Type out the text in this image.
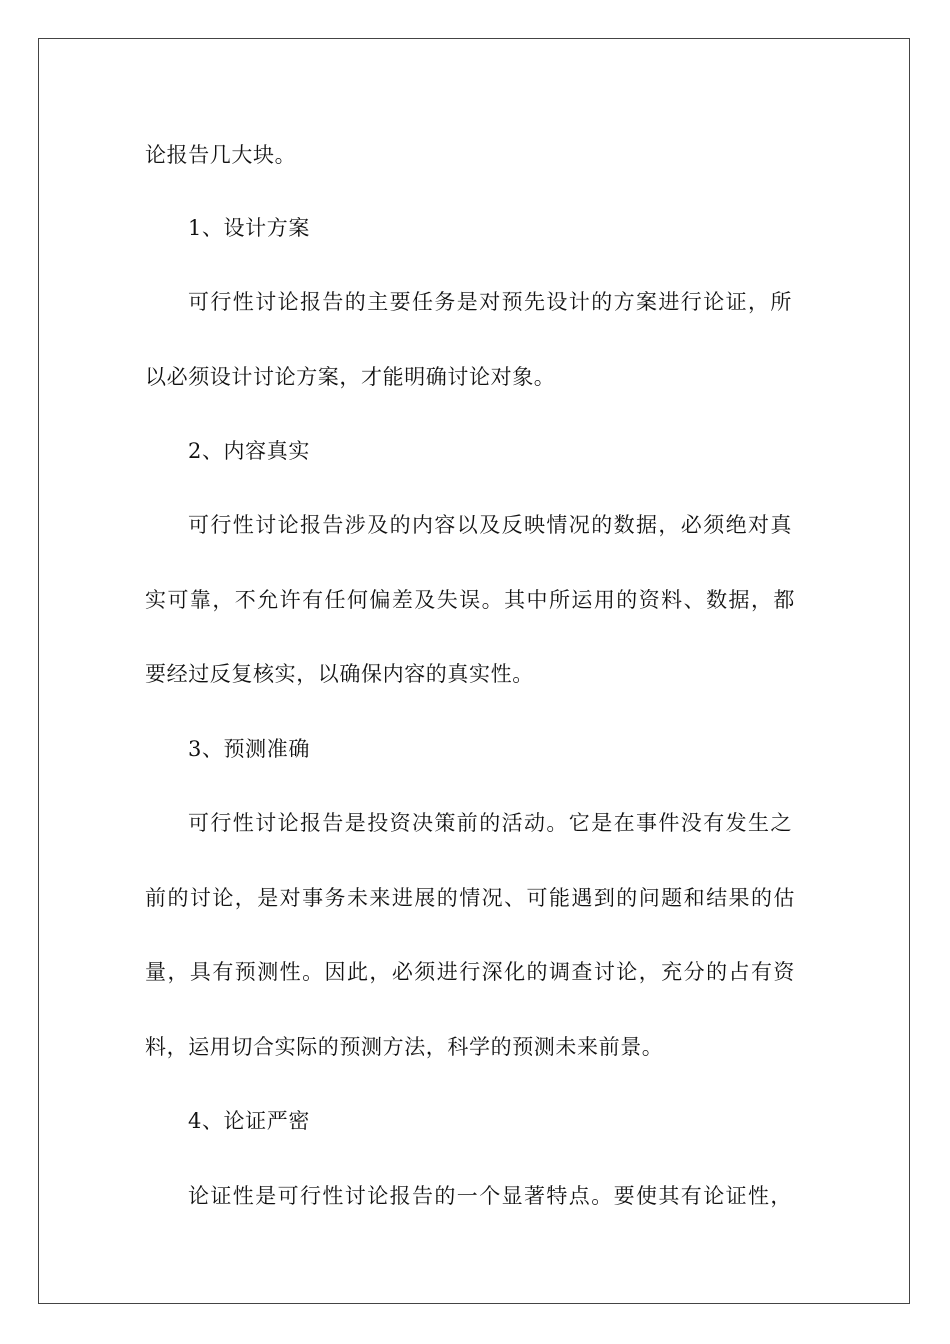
论报告几大块。
1、设计方案
可行性讨论报告的主要任务是对预先设计的方案进行论证，所
以必须设计讨论方案，才能明确讨论对象。
2、内容真实
可行性讨论报告涉及的内容以及反映情况的数据，必须绝对真
实可靠，不允许有任何偏差及失误。其中所运用的资料、数据，都
要经过反复核实，以确保内容的真实性。
3、预测准确
可行性讨论报告是投资决策前的活动。它是在事件没有发生之
前的讨论，是对事务未来进展的情况、可能遇到的问题和结果的估
量，具有预测性。因此，必须进行深化的调查讨论，充分的占有资
料，运用切合实际的预测方法，科学的预测未来前景。
4、论证严密
论证性是可行性讨论报告的一个显著特点。要使其有论证性，
